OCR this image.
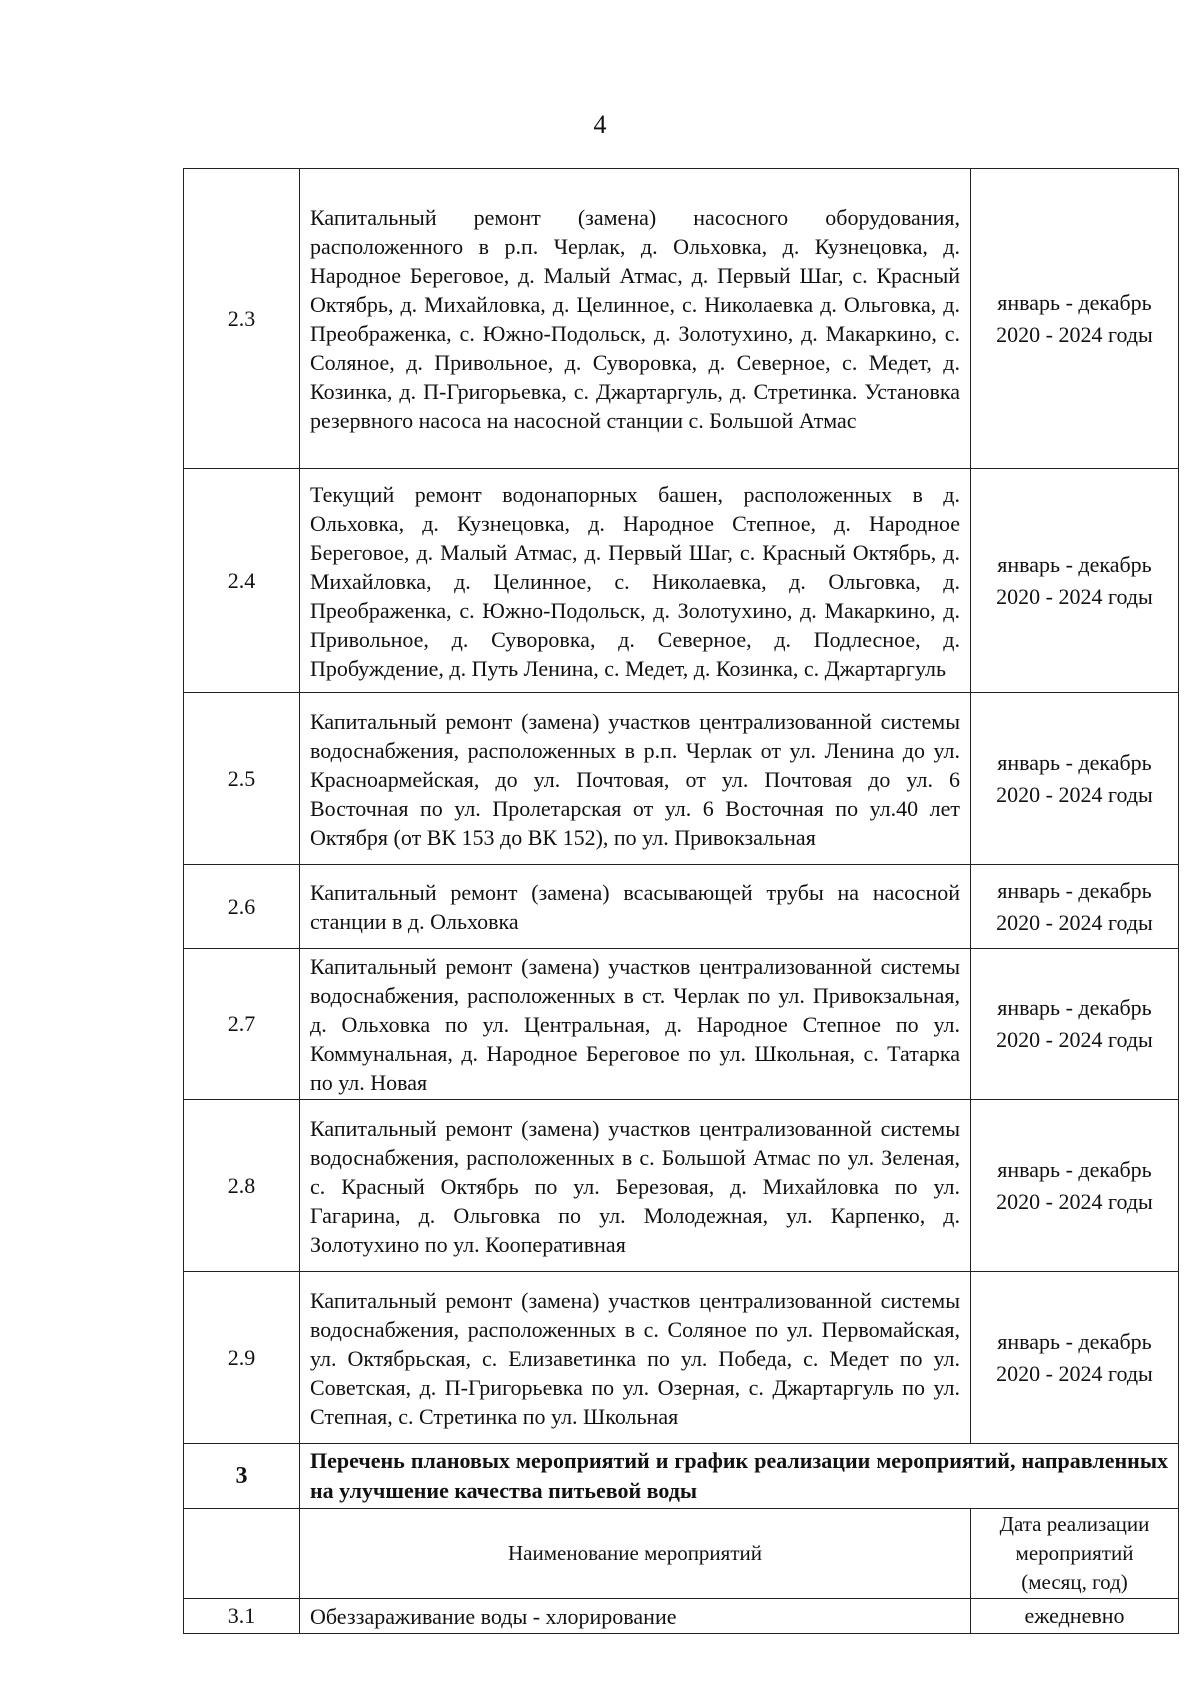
4
2.3	Капитальный ремонт (замена) насосного оборудования, расположенного в р.п. Черлак, д. Ольховка, д. Кузнецовка, д. Народное Береговое, д. Малый Атмас, д. Первый Шаг, с. Красный Октябрь, д. Михайловка, д. Целинное, с. Николаевка д. Ольговка, д. Преображенка, с. Южно-Подольск, д. Золотухино, д. Макаркино, с. Соляное, д. Привольное, д. Суворовка, д. Северное, с. Медет, д. Козинка, д. П-Григорьевка, с. Джартаргуль, д. Стретинка. Установка резервного насоса на насосной станции с. Большой Атмас	январь - декабрь
2020 - 2024 годы

2.4	Текущий ремонт водонапорных башен, расположенных в д. Ольховка, д. Кузнецовка, д. Народное Степное, д. Народное Береговое, д. Малый Атмас, д. Первый Шаг, с. Красный Октябрь, д. Михайловка, д. Целинное, с. Николаевка, д. Ольговка, д. Преображенка, с. Южно-Подольск, д. Золотухино, д. Макаркино, д. Привольное, д. Суворовка, д. Северное, д. Подлесное, д. Пробуждение, д. Путь Ленина, с. Медет, д. Козинка, с. Джартаргуль	январь - декабрь
2020 - 2024 годы

2.5	Капитальный ремонт (замена) участков централизованной системы водоснабжения, расположенных в р.п. Черлак от ул. Ленина до ул. Красноармейская, до ул. Почтовая, от ул. Почтовая до ул. 6 Восточная по ул. Пролетарская от ул. 6 Восточная по ул.40 лет Октября (от ВК 153 до ВК 152), по ул. Привокзальная	январь - декабрь
2020 - 2024 годы

2.6	Капитальный ремонт (замена) всасывающей трубы на насосной станции в д. Ольховка	январь - декабрь
2020 - 2024 годы

2.7	Капитальный ремонт (замена) участков централизованной системы водоснабжения, расположенных в ст. Черлак по ул. Привокзальная, д. Ольховка по ул. Центральная, д. Народное Степное по ул. Коммунальная, д. Народное Береговое по ул. Школьная, с. Татарка по ул. Новая	январь - декабрь
2020 - 2024 годы

2.8	Капитальный ремонт (замена) участков централизованной системы водоснабжения, расположенных в с. Большой Атмас по ул. Зеленая, с. Красный Октябрь по ул. Березовая, д. Михайловка по ул. Гагарина, д. Ольговка по ул. Молодежная, ул. Карпенко, д. Золотухино по ул. Кооперативная	январь - декабрь
2020 - 2024 годы

2.9	Капитальный ремонт (замена) участков централизованной системы водоснабжения, расположенных в с. Соляное по ул. Первомайская, ул. Октябрьская, с. Елизаветинка по ул. Победа, с. Медет по ул. Советская, д. П-Григорьевка по ул. Озерная, с. Джартаргуль по ул. Степная, с. Стретинка по ул. Школьная	январь - декабрь
2020 - 2024 годы

3	Перечень плановых мероприятий и график реализации мероприятий, направленных на улучшение качества питьевой воды	
	Наименование мероприятий	Дата реализации
мероприятий
(месяц, год)

3.1	Обеззараживание воды - хлорирование	ежедневно
